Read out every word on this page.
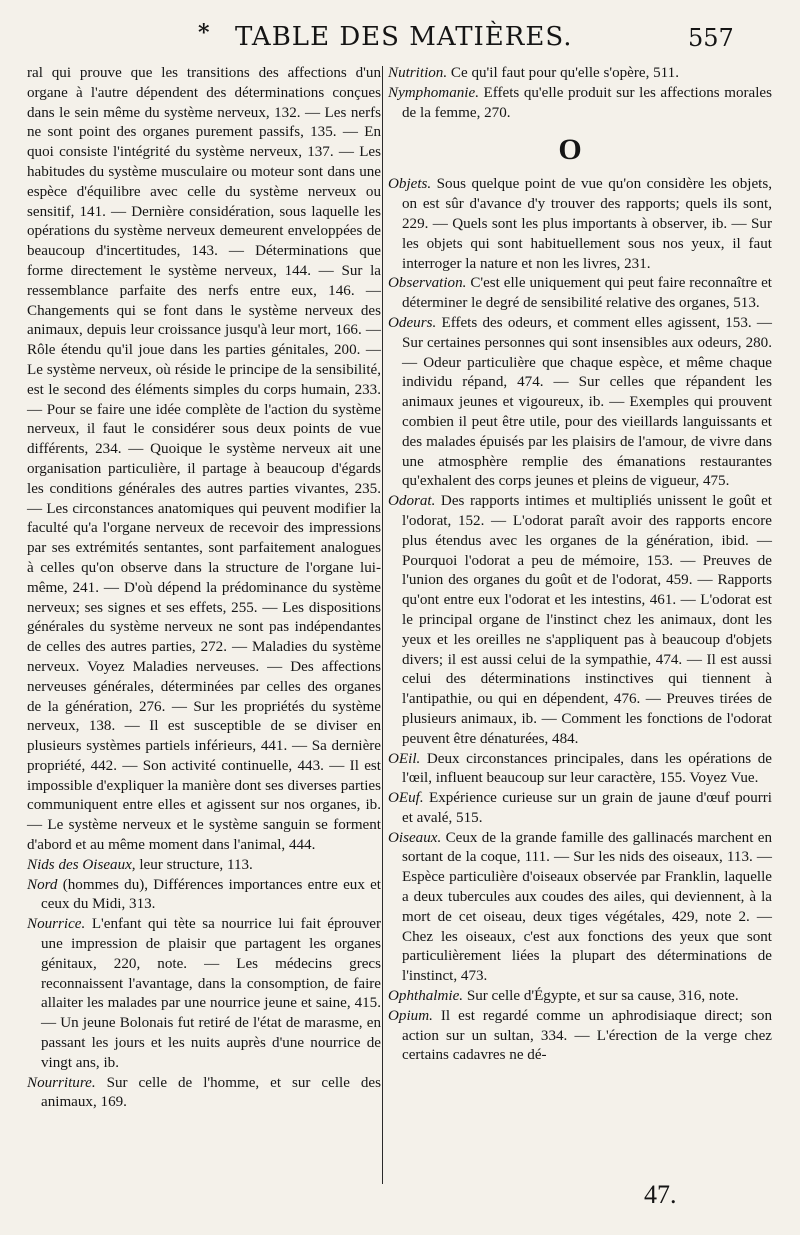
* TABLE DES MATIÈRES.	557

ral qui prouve que les transitions des affections d'un organe à l'autre dépendent des déterminations conçues dans le sein même du système nerveux, 132. — Les nerfs ne sont point des organes purement passifs, 135. — En quoi consiste l'intégrité du système nerveux, 137. — Les habitudes du système musculaire ou moteur sont dans une espèce d'équilibre avec celle du système nerveux ou sensitif, 141. — Dernière considération, sous laquelle les opérations du système nerveux demeurent enveloppées de beaucoup d'incertitudes, 143. — Déterminations que forme directement le système nerveux, 144. — Sur la ressemblance parfaite des nerfs entre eux, 146. — Changements qui se font dans le système nerveux des animaux, depuis leur croissance jusqu'à leur mort, 166. — Rôle étendu qu'il joue dans les parties génitales, 200. — Le système nerveux, où réside le principe de la sensibilité, est le second des éléments simples du corps humain, 233. — Pour se faire une idée complète de l'action du système nerveux, il faut le considérer sous deux points de vue différents, 234. — Quoique le système nerveux ait une organisation particulière, il partage à beaucoup d'égards les conditions générales des autres parties vivantes, 235. — Les circonstances anatomiques qui peuvent modifier la faculté qu'a l'organe nerveux de recevoir des impressions par ses extrémités sentantes, sont parfaitement analogues à celles qu'on observe dans la structure de l'organe lui-même, 241. — D'où dépend la prédominance du système nerveux; ses signes et ses effets, 255. — Les dispositions générales du système nerveux ne sont pas indépendantes de celles des autres parties, 272. — Maladies du système nerveux. Voyez Maladies nerveuses. — Des affections nerveuses générales, déterminées par celles des organes de la génération, 276. — Sur les propriétés du système nerveux, 138. — Il est susceptible de se diviser en plusieurs systèmes partiels inférieurs, 441. — Sa dernière propriété, 442. — Son activité continuelle, 443. — Il est impossible d'expliquer la manière dont ses diverses parties communiquent entre elles et agissent sur nos organes, ib. — Le système nerveux et le système sanguin se forment d'abord et au même moment dans l'animal, 444.

Nids des Oiseaux, leur structure, 113.

Nord (hommes du), Différences importances entre eux et ceux du Midi, 313.

Nourrice. L'enfant qui tète sa nourrice lui fait éprouver une impression de plaisir que partagent les organes génitaux, 220, note. — Les médecins grecs reconnaissent l'avantage, dans la consomption, de faire allaiter les malades par une nourrice jeune et saine, 415. — Un jeune Bolonais fut retiré de l'état de marasme, en passant les jours et les nuits auprès d'une nourrice de vingt ans, ib.

Nourriture. Sur celle de l'homme, et sur celle des animaux, 169.

Nutrition. Ce qu'il faut pour qu'elle s'opère, 511.

Nymphomanie. Effets qu'elle produit sur les affections morales de la femme, 270.

O

Objets. Sous quelque point de vue qu'on considère les objets, on est sûr d'avance d'y trouver des rapports; quels ils sont, 229. — Quels sont les plus importants à observer, ib. — Sur les objets qui sont habituellement sous nos yeux, il faut interroger la nature et non les livres, 231.

Observation. C'est elle uniquement qui peut faire reconnaître et déterminer le degré de sensibilité relative des organes, 513.

Odeurs. Effets des odeurs, et comment elles agissent, 153. — Sur certaines personnes qui sont insensibles aux odeurs, 280. — Odeur particulière que chaque espèce, et même chaque individu répand, 474. — Sur celles que répandent les animaux jeunes et vigoureux, ib. — Exemples qui prouvent combien il peut être utile, pour des vieillards languissants et des malades épuisés par les plaisirs de l'amour, de vivre dans une atmosphère remplie des émanations restaurantes qu'exhalent des corps jeunes et pleins de vigueur, 475.

Odorat. Des rapports intimes et multipliés unissent le goût et l'odorat, 152. — L'odorat paraît avoir des rapports encore plus étendus avec les organes de la génération, ibid. — Pourquoi l'odorat a peu de mémoire, 153. — Preuves de l'union des organes du goût et de l'odorat, 459. — Rapports qu'ont entre eux l'odorat et les intestins, 461. — L'odorat est le principal organe de l'instinct chez les animaux, dont les yeux et les oreilles ne s'appliquent pas à beaucoup d'objets divers; il est aussi celui de la sympathie, 474. — Il est aussi celui des déterminations instinctives qui tiennent à l'antipathie, ou qui en dépendent, 476. — Preuves tirées de plusieurs animaux, ib. — Comment les fonctions de l'odorat peuvent être dénaturées, 484.

OEil. Deux circonstances principales, dans les opérations de l'œil, influent beaucoup sur leur caractère, 155. Voyez Vue.

OEuf. Expérience curieuse sur un grain de jaune d'œuf pourri et avalé, 515.

Oiseaux. Ceux de la grande famille des gallinacés marchent en sortant de la coque, 111. — Sur les nids des oiseaux, 113. — Espèce particulière d'oiseaux observée par Franklin, laquelle a deux tubercules aux coudes des ailes, qui deviennent, à la mort de cet oiseau, deux tiges végétales, 429, note 2. — Chez les oiseaux, c'est aux fonctions des yeux que sont particulièrement liées la plupart des déterminations de l'instinct, 473.

Ophthalmie. Sur celle d'Égypte, et sur sa cause, 316, note.

Opium. Il est regardé comme un aphrodisiaque direct; son action sur un sultan, 334. — L'érection de la verge chez certains cadavres ne dé-

47.
